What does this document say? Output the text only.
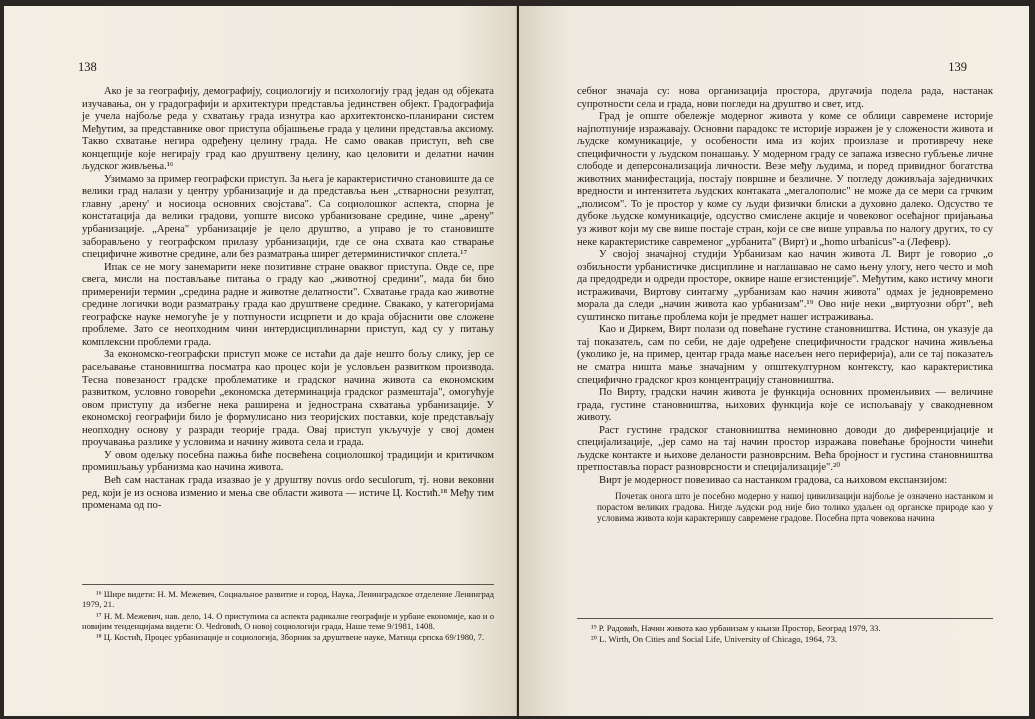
138

Ако је за географију, демографију, социологију и психологију град један од објеката изучавања, он у градографији и архитектури представља јединствен објект. Градографија је учела најбоље реда у схватању града изнутра као архитектонско-планирани систем Међутим, за представнике овог приступа објашњење града у целини представља аксиому. Такво схватање негира одређену целину града. Не само овакав приступ, већ све концепције које негирају град као друштвену целину, као целовити и делатни начин људског живљења.¹⁶

Узимамо за пример географски приступ. За њега је карактеристично становиште да се велики град налази у центру урбанизације и да представља њен „стварносни резултат, главну ,арену' и носиоца основних својстава". Са социолошког аспекта, спорна је констатација да велики градови, уопште високо урбанизоване средине, чине „арену" урбанизације. „Арена" урбанизације је цело друштво, а управо је то становиште заборављено у географском прилазу урбанизацији, где се она схвата као стварање специфичне животне средине, али без разматрања ширег детерминистичког сплета.¹⁷

Ипак се не могу занемарити неке позитивне стране оваквог приступа. Овде се, пре свега, мисли на постављање питања о граду као „животној средини", мада би био примерениjи термин „средина радне и животне делатности". Схватање града као животне средине логички води разматрању града као друштвене средине. Свакако, у категоријама географске науке немогуће је у потпуности исцрпети и до краја објаснити ове сложене проблеме. Зато се неопходним чини интердисциплинарни приступ, кад су у питању комплексни проблеми града.

За економско-географски приступ може се истаћи да даје нешто бољу слику, јер се расељавање становништва посматра као процес који је условљен развитком производа. Тесна повезаност градске проблематике и градског начина живота са економским развитком, условно говорећи „економска детерминација градског размештаја", омогућује овом приступу да избегне нека раширена и једнострана схватања урбанизације. У економској географији било је формулисано низ теоријских поставки, које представљају неопходну основу у разради теорије града. Овај приступ укључује у свој домен проучавања разлике у условима и начину живота села и града.

У овом одељку посебна пажња биће посвећена социолошкој традицији и критичком промишљању урбанизма као начина живота.

Већ сам настанак града изазвао је у друштву novus ordo seculorum, тј. нови вековни ред, који је из основа изменио и мења све области живота — истиче Ц. Костић.¹⁸ Међу тим променама од по-

¹⁶ Шире видети: Н. М. Межевич, Социальное развитие и город, Наука, Ленинградское отделение Ленинград 1979, 21.

¹⁷ Н. М. Межевич, нав. дело, 14. О приступима са аспекта радикалне географије и урбане економије, као и о новијим тенденцијама видети: О. Чеdroвић, О новој социологији града, Наше теме 9/1981, 1408.

¹⁸ Ц. Костић, Процес урбанизације и социологија, Зборник за друштвене науке, Матица српска 69/1980, 7.

139

себног значаја су: нова организација простора, другачија подела рада, настанак супротности села и града, нови погледи на друштво и свет, итд.

Град је опште обележје модерног живота у коме се облици савремене историје најпотпуније изражавају. Основни парадокс те историје изражен је у сложености живота и људске комуникације, у особености има из којих произлазе и противречу неке специфичности у људском понашању. У модерном граду се запажа извесно губљење личне слободе и деперсонализација личности. Везе међу људима, и поред привидног богатства животних манифестација, постају површне и безличне. У погледу доживљаја заједничких вредности и интензитета људских контаката „мегалополис" не може да се мери са грчким „полисом". То је простор у коме су људи физички блиски а духовно далеко. Одсуство те дубоке људске комуникације, одсуство смислене акције и човековог осећајног пријањања уз живот који му све више постаје стран, који се све више управља по налогу других, то су неке карактеристике савременог „урбанита" (Вирт) и „homo urbanicus"-а (Лефевр).

У својој значајној студији Урбанизам као начин живота Л. Вирт је говорио „о озбиљности урбанистичке дисциплине и наглашавао не само њену улогу, него често и моћ да предодреди и одреди просторе, оквире наше егзистенције". Међутим, како истичу многи истраживачи, Виртову синтагму „урбанизам као начин живота" одмах је једновремено морала да следи „начин живота као урбанизам".¹⁹ Ово није неки „виртуозни обрт", већ суштинско питање проблема који је предмет нашег истраживања.

Као и Диркем, Вирт полази од повећане густине становништва. Истина, он указује да тај показатељ, сам по себи, не даје одређене специфичности градског начина живљења (уколико је, на пример, центар града мање насељен него периферија), али се тај показатељ не сматра ништа мање значајним у општекултурном контексту, као карактеристика специфично градског кроз концентрацију становништва.

По Вирту, градски начин живота је функција основних променљивих — величине града, густине становништва, њихових функција које се испољавају у свакодневном животу.

Раст густине градског становништва неминовно доводи до диференцијације и специјализације, „јер само на тај начин простор изражава повећање бројности чинећи људске контакте и њихове деланости разноврсним. Већа бројност и густина становништва претпоставља пораст разноврсности и специјализације".²⁰

Вирт је модерност повезивао са настанком градова, са њиховом експанзијом:

Почетак онога што је посебно модерно у нашој цивилизацији најбоље је означено настанком и порастом великих градова. Нигде људски род није био толико удаљен од органске природе као у условима живота који карактеришу савремене градове. Посебна прта човекова начина

¹⁹ Р. Радовић, Начин живота као урбанизам у књизи Простор, Београд 1979, 33.

²⁰ L. Wirth, On Cities and Social Life, University of Chicago, 1964, 73.
